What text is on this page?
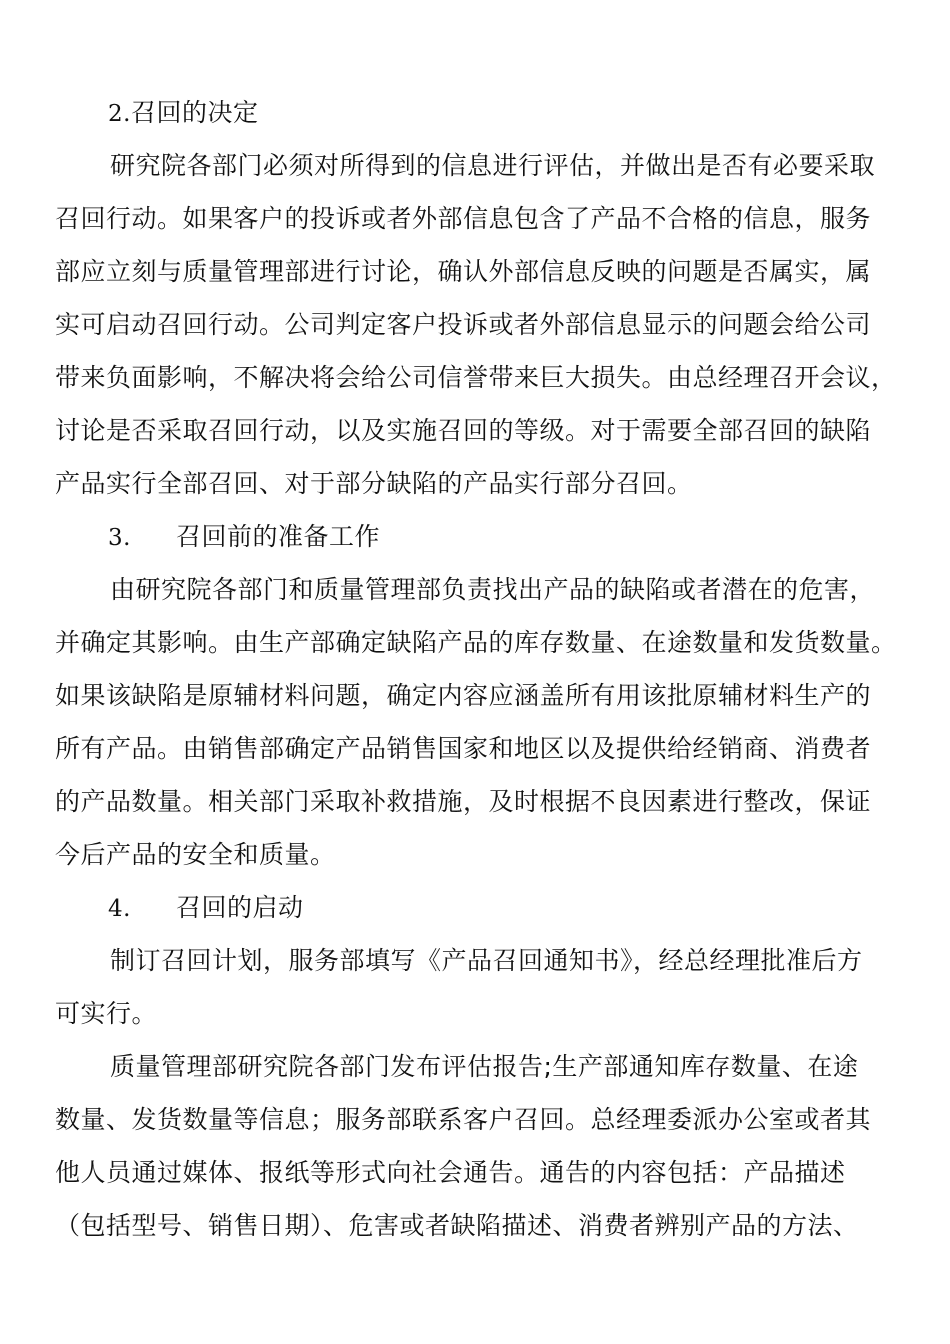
2.召回的决定
研究院各部门必须对所得到的信息进行评估，并做出是否有必要采取
召回行动。如果客户的投诉或者外部信息包含了产品不合格的信息，服务
部应立刻与质量管理部进行讨论，确认外部信息反映的问题是否属实，属
实可启动召回行动。公司判定客户投诉或者外部信息显示的问题会给公司
带来负面影响，不解决将会给公司信誉带来巨大损失。由总经理召开会议，
讨论是否采取召回行动，以及实施召回的等级。对于需要全部召回的缺陷
产品实行全部召回、对于部分缺陷的产品实行部分召回。
3. 召回前的准备工作
由研究院各部门和质量管理部负责找出产品的缺陷或者潜在的危害，
并确定其影响。由生产部确定缺陷产品的库存数量、在途数量和发货数量。
如果该缺陷是原辅材料问题，确定内容应涵盖所有用该批原辅材料生产的
所有产品。由销售部确定产品销售国家和地区以及提供给经销商、消费者
的产品数量。相关部门采取补救措施，及时根据不良因素进行整改，保证
今后产品的安全和质量。
4. 召回的启动
制订召回计划，服务部填写《产品召回通知书》，经总经理批准后方
可实行。
质量管理部研究院各部门发布评估报告;生产部通知库存数量、在途
数量、发货数量等信息；服务部联系客户召回。总经理委派办公室或者其
他人员通过媒体、报纸等形式向社会通告。通告的内容包括：产品描述
（包括型号、销售日期）、危害或者缺陷描述、消费者辨别产品的方法、
